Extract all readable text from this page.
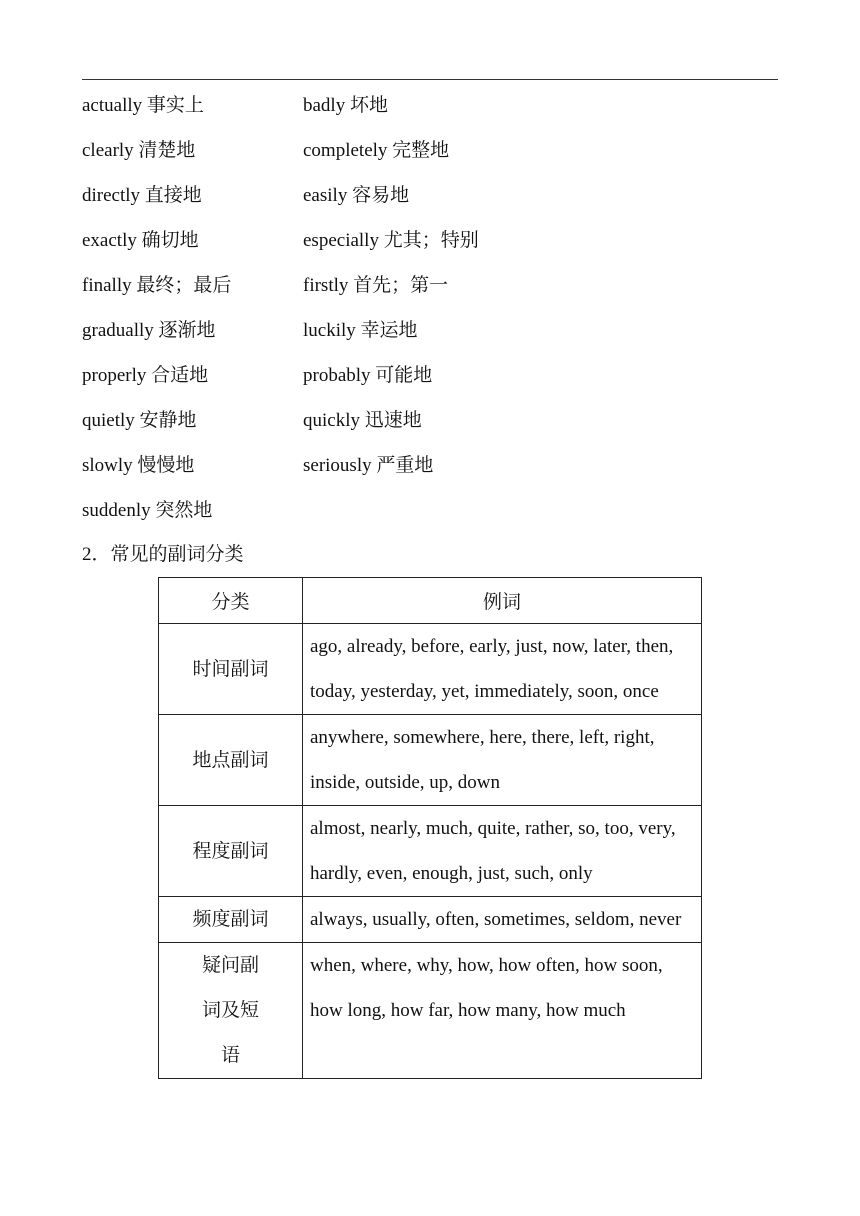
actually 事实上	badly 坏地
clearly 清楚地	completely 完整地
directly 直接地	easily 容易地
exactly 确切地	especially 尤其；特别
finally 最终；最后	firstly 首先；第一
gradually 逐渐地	luckily 幸运地
properly 合适地	probably 可能地
quietly 安静地	quickly 迅速地
slowly 慢慢地	seriously 严重地
suddenly 突然地
2．常见的副词分类
分类	例词
时间副词	ago, already, before, early, just, now, later, then, today, yesterday, yet, immediately, soon, once
地点副词	anywhere, somewhere, here, there, left, right, inside, outside, up, down
程度副词	almost, nearly, much, quite, rather, so, too, very, hardly, even, enough, just, such, only
频度副词	always, usually, often, sometimes, seldom, never
疑问副词及短语	when, where, why, how, how often, how soon, how long, how far, how many, how much
